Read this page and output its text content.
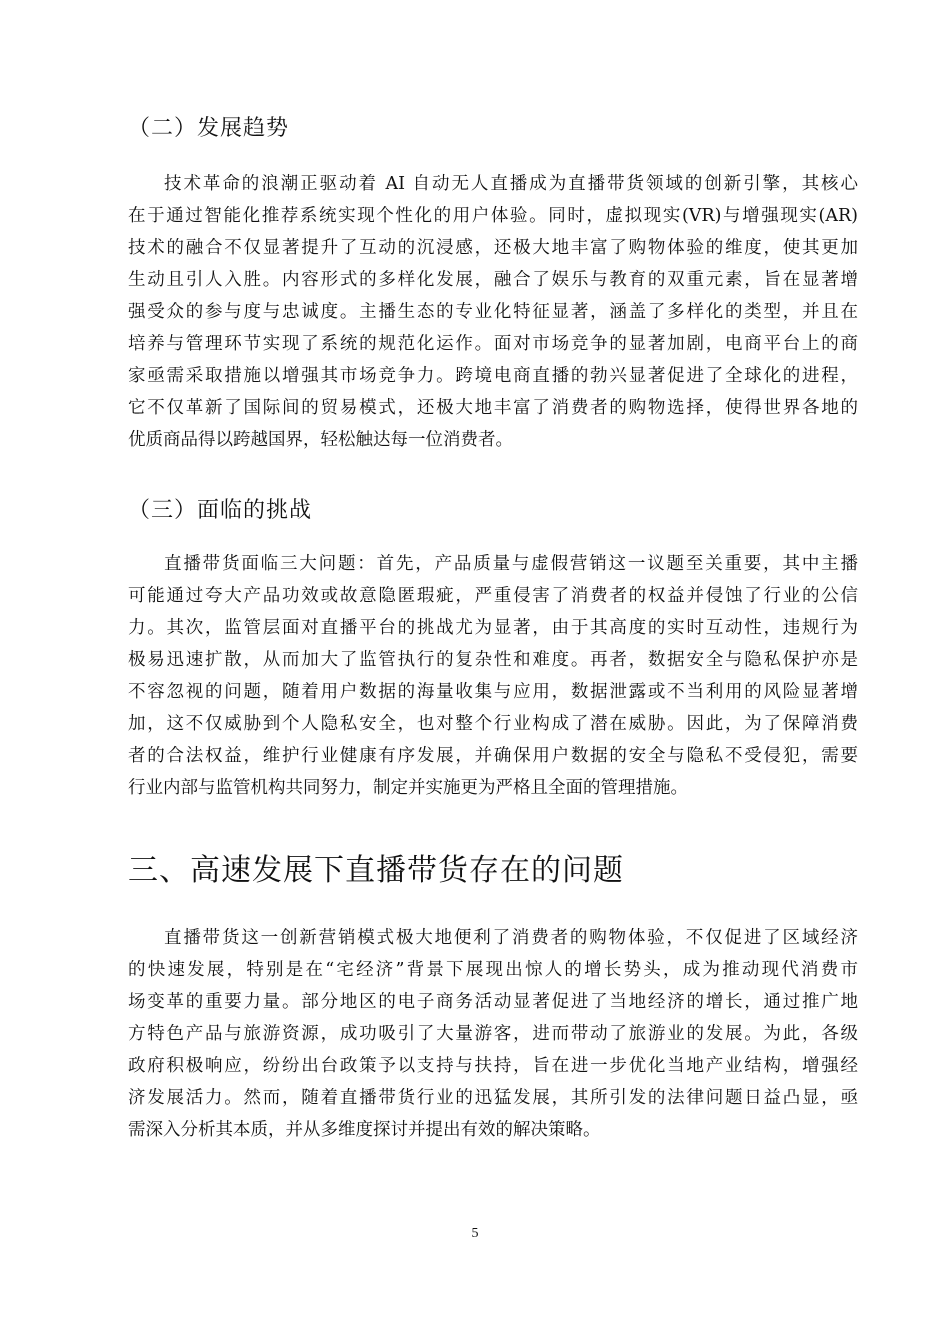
（二）发展趋势
技术革命的浪潮正驱动着 AI 自动无人直播成为直播带货领域的创新引擎，其核心
在于通过智能化推荐系统实现个性化的用户体验。同时，虚拟现实(VR)与增强现实(AR)
技术的融合不仅显著提升了互动的沉浸感，还极大地丰富了购物体验的维度，使其更加
生动且引人入胜。内容形式的多样化发展，融合了娱乐与教育的双重元素，旨在显著增
强受众的参与度与忠诚度。主播生态的专业化特征显著，涵盖了多样化的类型，并且在
培养与管理环节实现了系统的规范化运作。面对市场竞争的显著加剧，电商平台上的商
家亟需采取措施以增强其市场竞争力。跨境电商直播的勃兴显著促进了全球化的进程，
它不仅革新了国际间的贸易模式，还极大地丰富了消费者的购物选择，使得世界各地的
优质商品得以跨越国界，轻松触达每一位消费者。
（三）面临的挑战
直播带货面临三大问题：首先，产品质量与虚假营销这一议题至关重要，其中主播
可能通过夸大产品功效或故意隐匿瑕疵，严重侵害了消费者的权益并侵蚀了行业的公信
力。其次，监管层面对直播平台的挑战尤为显著，由于其高度的实时互动性，违规行为
极易迅速扩散，从而加大了监管执行的复杂性和难度。再者，数据安全与隐私保护亦是
不容忽视的问题，随着用户数据的海量收集与应用，数据泄露或不当利用的风险显著增
加，这不仅威胁到个人隐私安全，也对整个行业构成了潜在威胁。因此，为了保障消费
者的合法权益，维护行业健康有序发展，并确保用户数据的安全与隐私不受侵犯，需要
行业内部与监管机构共同努力，制定并实施更为严格且全面的管理措施。
三、高速发展下直播带货存在的问题
直播带货这一创新营销模式极大地便利了消费者的购物体验，不仅促进了区域经济
的快速发展，特别是在“宅经济”背景下展现出惊人的增长势头，成为推动现代消费市
场变革的重要力量。部分地区的电子商务活动显著促进了当地经济的增长，通过推广地
方特色产品与旅游资源，成功吸引了大量游客，进而带动了旅游业的发展。为此，各级
政府积极响应，纷纷出台政策予以支持与扶持，旨在进一步优化当地产业结构，增强经
济发展活力。然而，随着直播带货行业的迅猛发展，其所引发的法律问题日益凸显，亟
需深入分析其本质，并从多维度探讨并提出有效的解决策略。
5
